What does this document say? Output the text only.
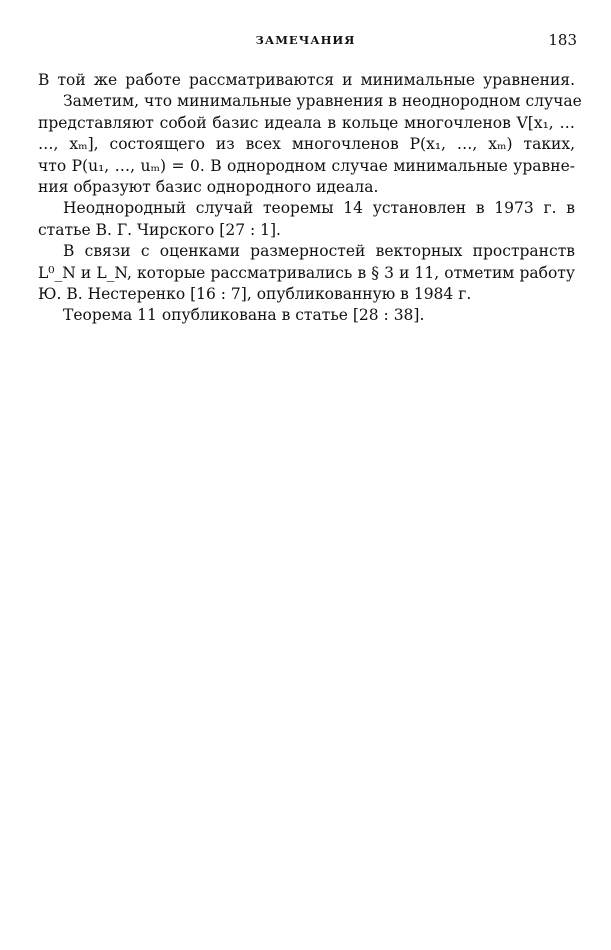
ЗАМЕЧАНИЯ	183
В той же работе рассматриваются и минимальные уравнения.
Заметим, что минимальные уравнения в неоднородном случае
представляют собой базис идеала в кольце многочленов V[x₁, …
…, xₘ], состоящего из всех многочленов P(x₁, …, xₘ) таких,
что P(u₁, …, uₘ) = 0. В однородном случае минимальные уравне-
ния образуют базис однородного идеала.
Неоднородный случай теоремы 14 установлен в 1973 г. в
статье В. Г. Чирского [27 : 1].
В связи с оценками размерностей векторных пространств
L⁰_N и L_N, которые рассматривались в § 3 и 11, отметим работу
Ю. В. Нестеренко [16 : 7], опубликованную в 1984 г.
Теорема 11 опубликована в статье [28 : 38].
